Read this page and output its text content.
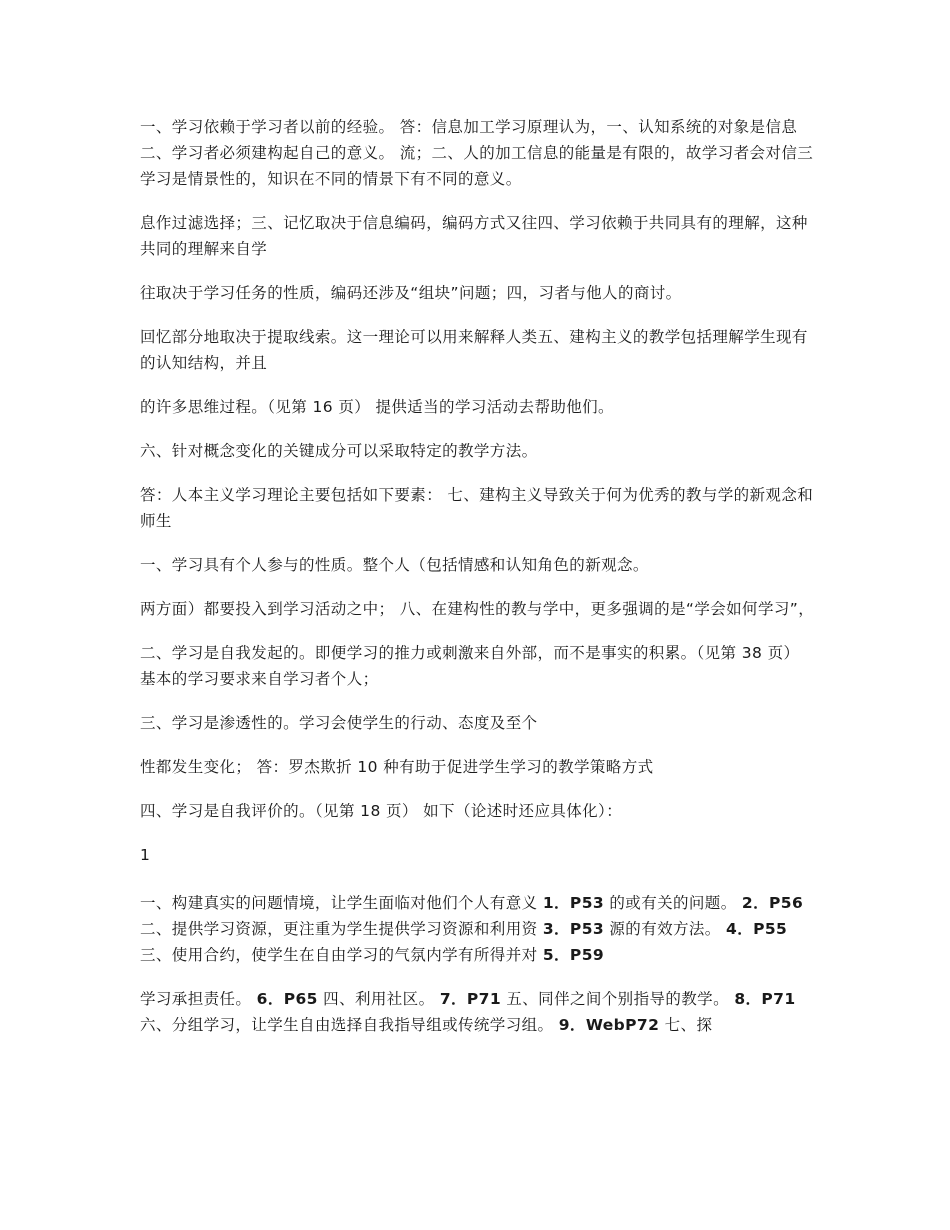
一、学习依赖于学习者以前的经验。 答：信息加工学习原理认为，一、认知系统的对象是信息二、学习者必须建构起自己的意义。 流；二、人的加工信息的能量是有限的，故学习者会对信三学习是情景性的，知识在不同的情景下有不同的意义。

息作过滤选择；三、记忆取决于信息编码，编码方式又往四、学习依赖于共同具有的理解，这种共同的理解来自学

往取决于学习任务的性质，编码还涉及“组块”问题；四，习者与他人的商讨。

回忆部分地取决于提取线索。这一理论可以用来解释人类五、建构主义的教学包括理解学生现有的认知结构，并且

的许多思维过程。（见第 16 页） 提供适当的学习活动去帮助他们。

六、针对概念变化的关键成分可以采取特定的教学方法。

答：人本主义学习理论主要包括如下要素： 七、建构主义导致关于何为优秀的教与学的新观念和师生

一、学习具有个人参与的性质。整个人（包括情感和认知角色的新观念。

两方面）都要投入到学习活动之中； 八、在建构性的教与学中，更多强调的是“学会如何学习”，

二、学习是自我发起的。即便学习的推力或刺激来自外部，而不是事实的积累。（见第 38 页） 基本的学习要求来自学习者个人；

三、学习是渗透性的。学习会使学生的行动、态度及至个

性都发生变化； 答：罗杰欺折 10 种有助于促进学生学习的教学策略方式

四、学习是自我评价的。（见第 18 页） 如下（论述时还应具体化）：

1

一、构建真实的问题情境，让学生面临对他们个人有意义 1．P53 的或有关的问题。 2．P56 二、提供学习资源，更注重为学生提供学习资源和利用资 3．P53 源的有效方法。 4．P55 三、使用合约，使学生在自由学习的气氛内学有所得并对 5．P59

学习承担责任。 6．P65 四、利用社区。 7．P71 五、同伴之间个别指导的教学。 8．P71 六、分组学习，让学生自由选择自我指导组或传统学习组。 9．WebP72 七、探
